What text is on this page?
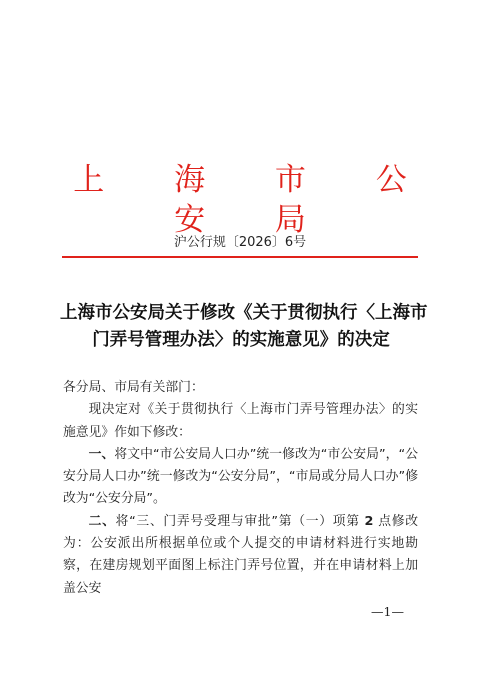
上 海 市 公 安 局
沪公行规〔2026〕6号
上海市公安局关于修改《关于贯彻执行〈上海市
门弄号管理办法〉的实施意见》的决定

各分局、市局有关部门：

现决定对《关于贯彻执行〈上海市门弄号管理办法〉的实施意见》作如下修改：

一、将文中“市公安局人口办”统一修改为“市公安局”，“公安分局人口办”统一修改为“公安分局”，“市局或分局人口办”修改为“公安分局”。

二、将“三、门弄号受理与审批”第（一）项第 2 点修改为：公安派出所根据单位或个人提交的申请材料进行实地勘察，在建房规划平面图上标注门弄号位置，并在申请材料上加盖公安

—1—
